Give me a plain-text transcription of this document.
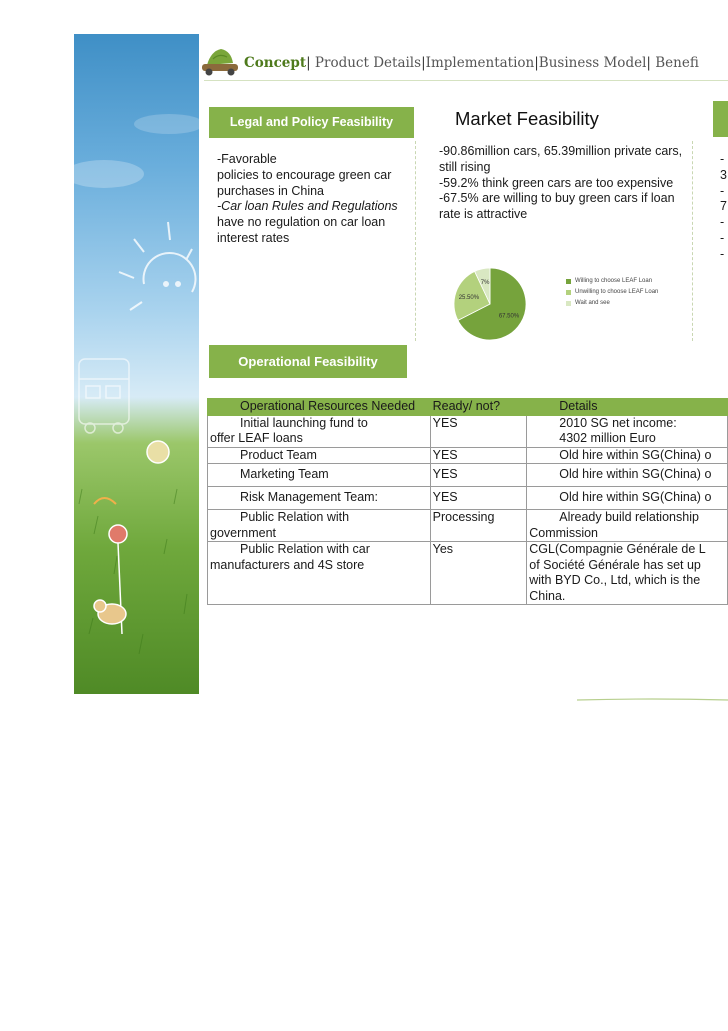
Concept| Product Details|Implementation|Business Model| Benefi
Legal and Policy Feasibility

-Favorable

policies to encourage green car purchases in China

-Car loan Rules and Regulations have no regulation on car loan interest rates

Market Feasibility

-90.86million cars, 65.39million private cars, still rising

-59.2% think green cars are too expensive

-67.5% are willing to buy green cars if loan rate is attractive

67.50%
25.50%
7%	Willing to choose LEAF Loan
Unwilling to choose LEAF Loan
Wait and see

-

3

-

7

-

-

-

Operational Feasibility
Operational Resources Needed	Ready/ not?	Details
Initial launching fund to
offer LEAF loans	YES	2010 SG net income:
4302 million Euro
Product Team	YES	Old hire within SG(China) o
Marketing Team	YES	Old hire within SG(China) o
Risk Management Team:	YES	Old hire within SG(China) o
Public Relation with
government	Processing	Already build relationship
Commission
Public Relation with car
manufacturers and 4S store	Yes	CGL(Compagnie Générale de L
of Société Générale has set up
with BYD Co., Ltd, which is the
China.
